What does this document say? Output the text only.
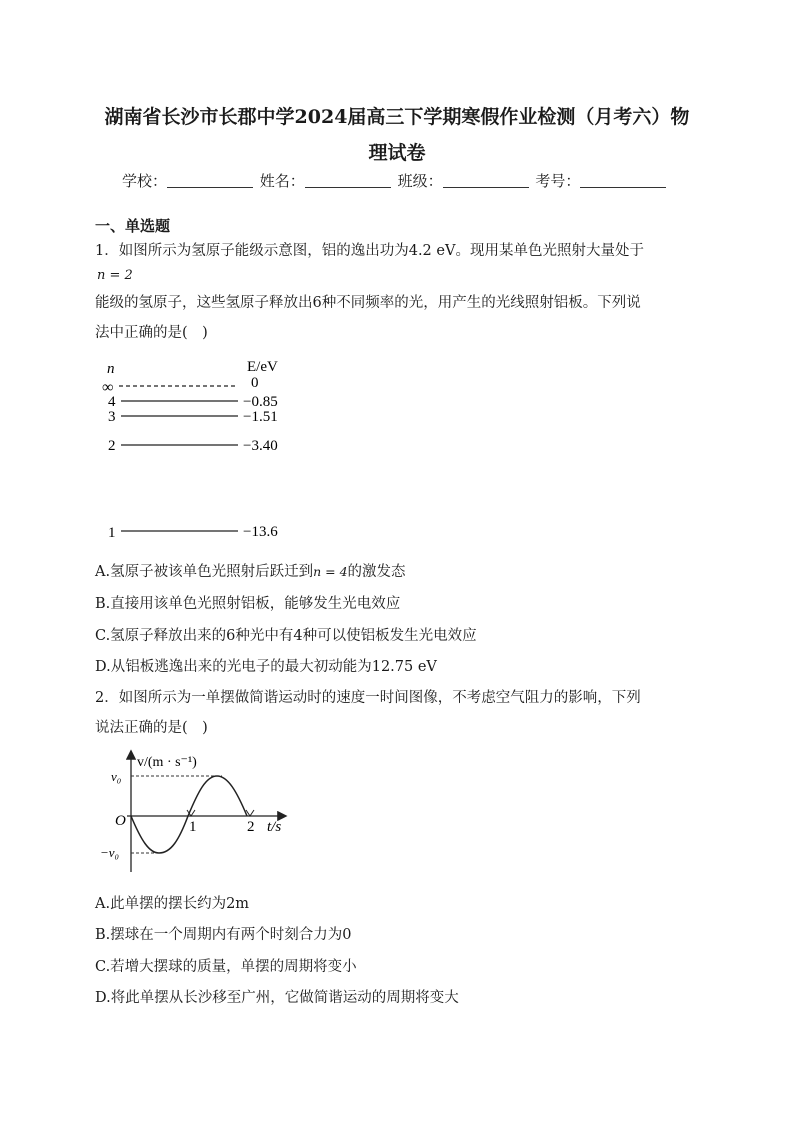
湖南省长沙市长郡中学2024届高三下学期寒假作业检测（月考六）物
理试卷
学校：	姓名：	班级：	考号：
一、单选题
1．如图所示为氢原子能级示意图，铝的逸出功为4.2 eV。现用某单色光照射大量处于
n = 2
能级的氢原子，这些氢原子释放出6种不同频率的光，用产生的光线照射铝板。下列说
法中正确的是(　)
n	E/eV
∞	0
4	−0.85
3	−1.51
2	−3.40
1	−13.6
A.氢原子被该单色光照射后跃迁到n = 4的激发态
B.直接用该单色光照射铝板，能够发生光电效应
C.氢原子释放出来的6种光中有4种可以使铝板发生光电效应
D.从铝板逃逸出来的光电子的最大初动能为12.75 eV
2．如图所示为一单摆做简谐运动时的速度一时间图像，不考虑空气阻力的影响，下列
说法正确的是(　)
v/(m · s⁻¹)
v₀
−v₀
O	1	2 t/s
A.此单摆的摆长约为2m
B.摆球在一个周期内有两个时刻合力为0
C.若增大摆球的质量，单摆的周期将变小
D.将此单摆从长沙移至广州，它做简谐运动的周期将变大
